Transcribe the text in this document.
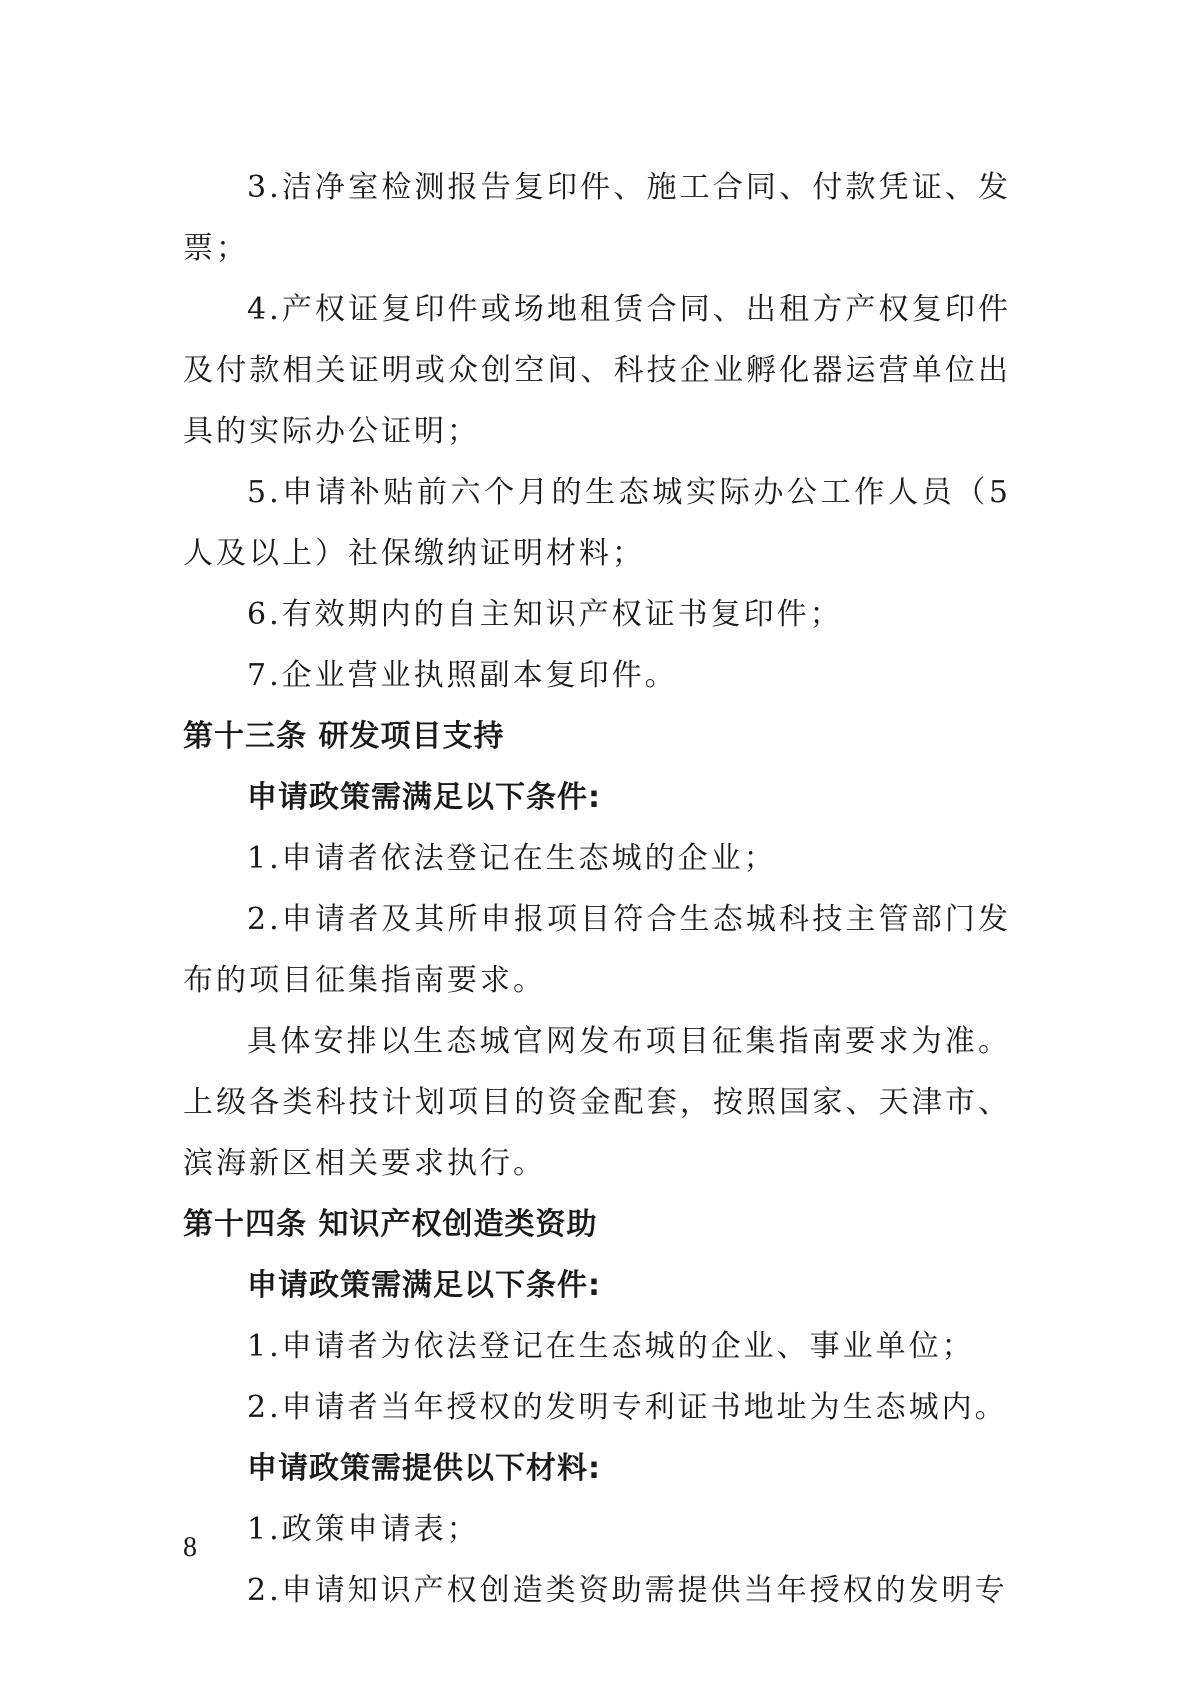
3.洁净室检测报告复印件、施工合同、付款凭证、发票；

4.产权证复印件或场地租赁合同、出租方产权复印件及付款相关证明或众创空间、科技企业孵化器运营单位出具的实际办公证明；

5.申请补贴前六个月的生态城实际办公工作人员（5人及以上）社保缴纳证明材料；

6.有效期内的自主知识产权证书复印件；

7.企业营业执照副本复印件。

第十三条 研发项目支持

申请政策需满足以下条件:

1.申请者依法登记在生态城的企业；

2.申请者及其所申报项目符合生态城科技主管部门发布的项目征集指南要求。

具体安排以生态城官网发布项目征集指南要求为准。上级各类科技计划项目的资金配套，按照国家、天津市、滨海新区相关要求执行。

第十四条 知识产权创造类资助

申请政策需满足以下条件:

1.申请者为依法登记在生态城的企业、事业单位；

2.申请者当年授权的发明专利证书地址为生态城内。

申请政策需提供以下材料:

1.政策申请表；

2.申请知识产权创造类资助需提供当年授权的发明专

8
